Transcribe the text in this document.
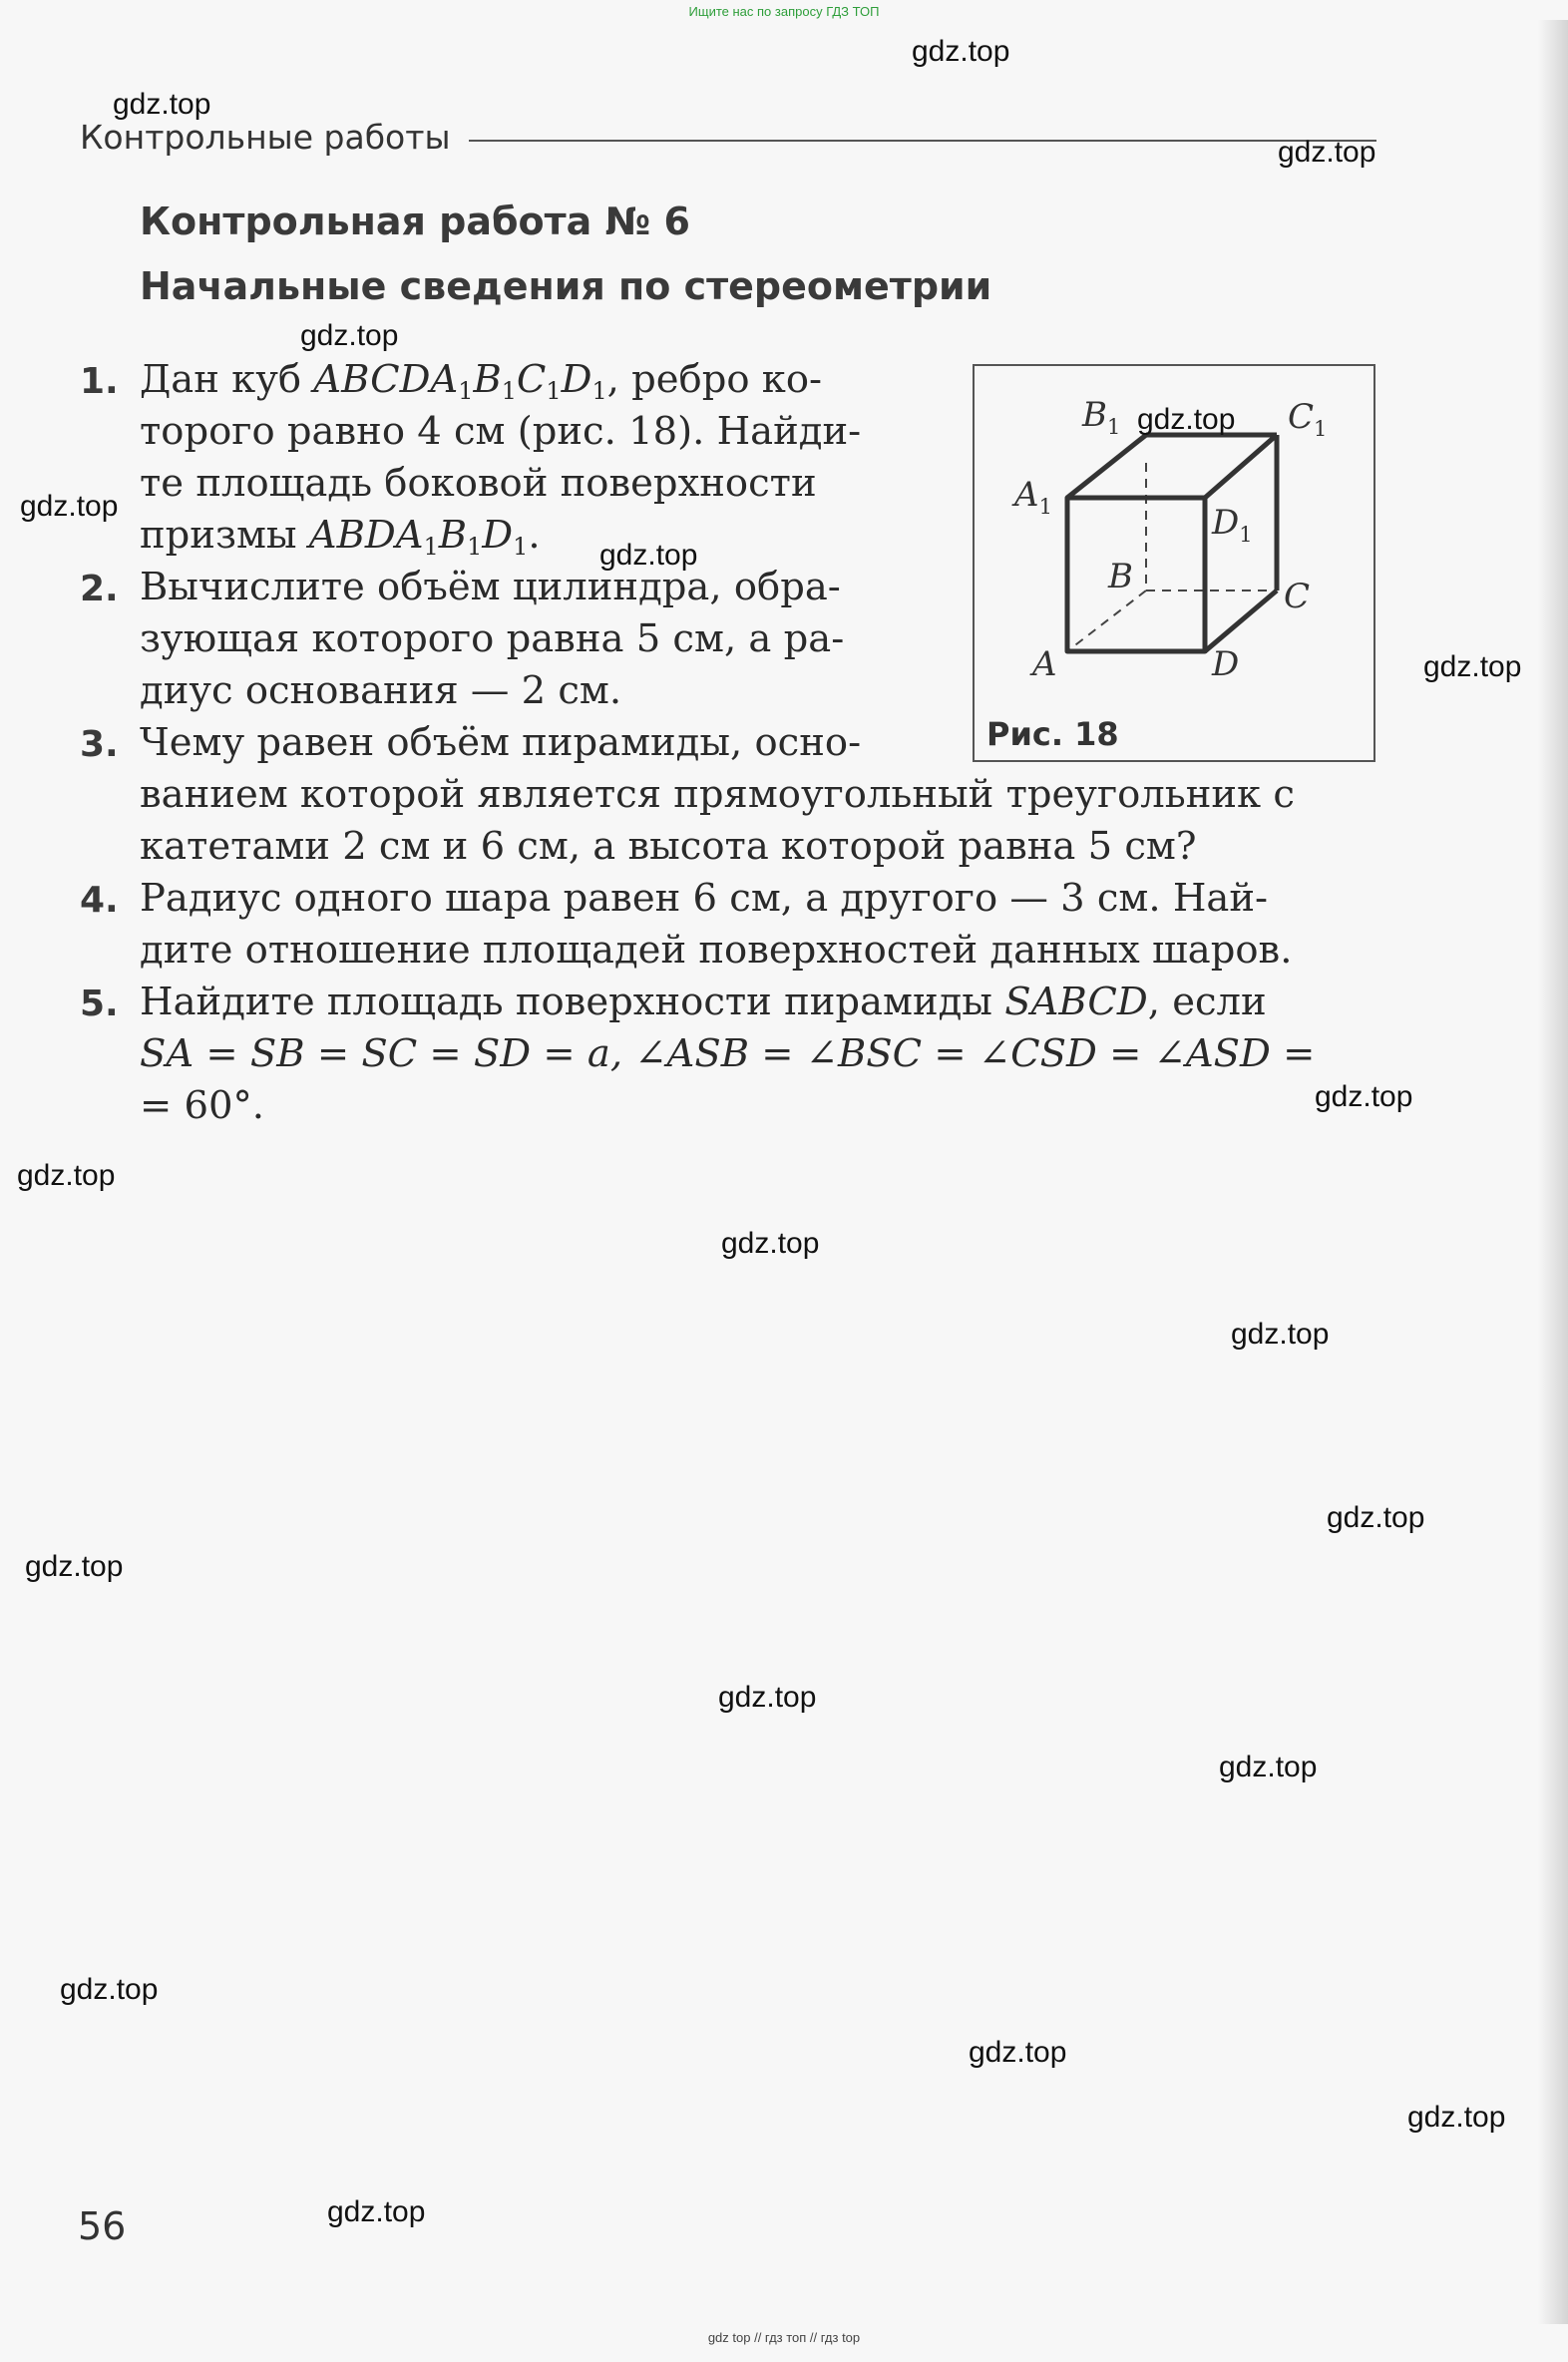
Ищите нас по запросу ГДЗ ТОП
Контрольные работы
Контрольная работа № 6
Начальные сведения по стереометрии
1. Дан куб $ABCDA_1B_1C_1D_1$, ребро ко-
торого равно 4 см (рис. 18). Найди-
те площадь боковой поверхности
призмы $ABDA_1B_1D_1$.
2. Вычислите объём цилиндра, обра-
зующая которого равна 5 см, а ра-
диус основания — 2 см.
3. Чему равен объём пирамиды, осно-
ванием которой является прямоугольный треугольник с
катетами 2 см и 6 см, а высота которой равна 5 см?
4. Радиус одного шара равен 6 см, а другого — 3 см. Най-
дите отношение площадей поверхностей данных шаров.
5. Найдите площадь поверхности пирамиды SABCD, если
SA = SB = SC = SD = a, ∠ASB = ∠BSC = ∠CSD = ∠ASD =
= 60°.
A	D
B	C
$A_1$
$B_1$	$C_1$
$D_1$
Рис. 18
56
gdz.top
gdz.top
gdz.top
gdz.top
gdz.top
gdz.top
gdz.top
gdz.top
gdz.top
gdz.top
gdz.top
gdz.top
gdz.top
gdz.top
gdz.top
gdz.top
gdz.top
gdz.top
gdz.top
gdz.top
gdz top // гдз топ // гдз top
